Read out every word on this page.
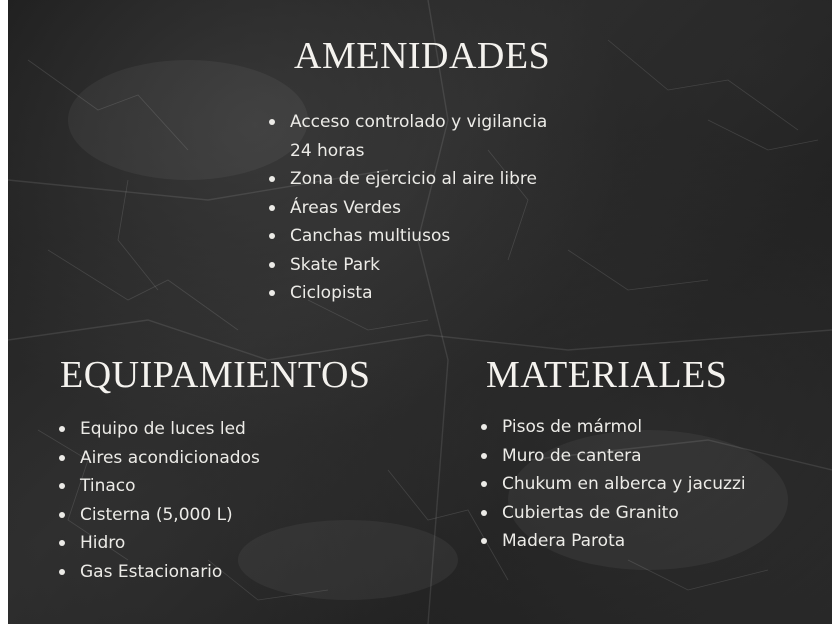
AMENIDADES
Acceso controlado y vigilancia 24 horas
Zona de ejercicio al aire libre
Áreas Verdes
Canchas multiusos
Skate Park
Ciclopista
EQUIPAMIENTOS
Equipo de luces led
Aires acondicionados
Tinaco
Cisterna (5,000 L)
Hidro
Gas Estacionario
MATERIALES
Pisos de mármol
Muro de cantera
Chukum en alberca y jacuzzi
Cubiertas de Granito
Madera Parota
